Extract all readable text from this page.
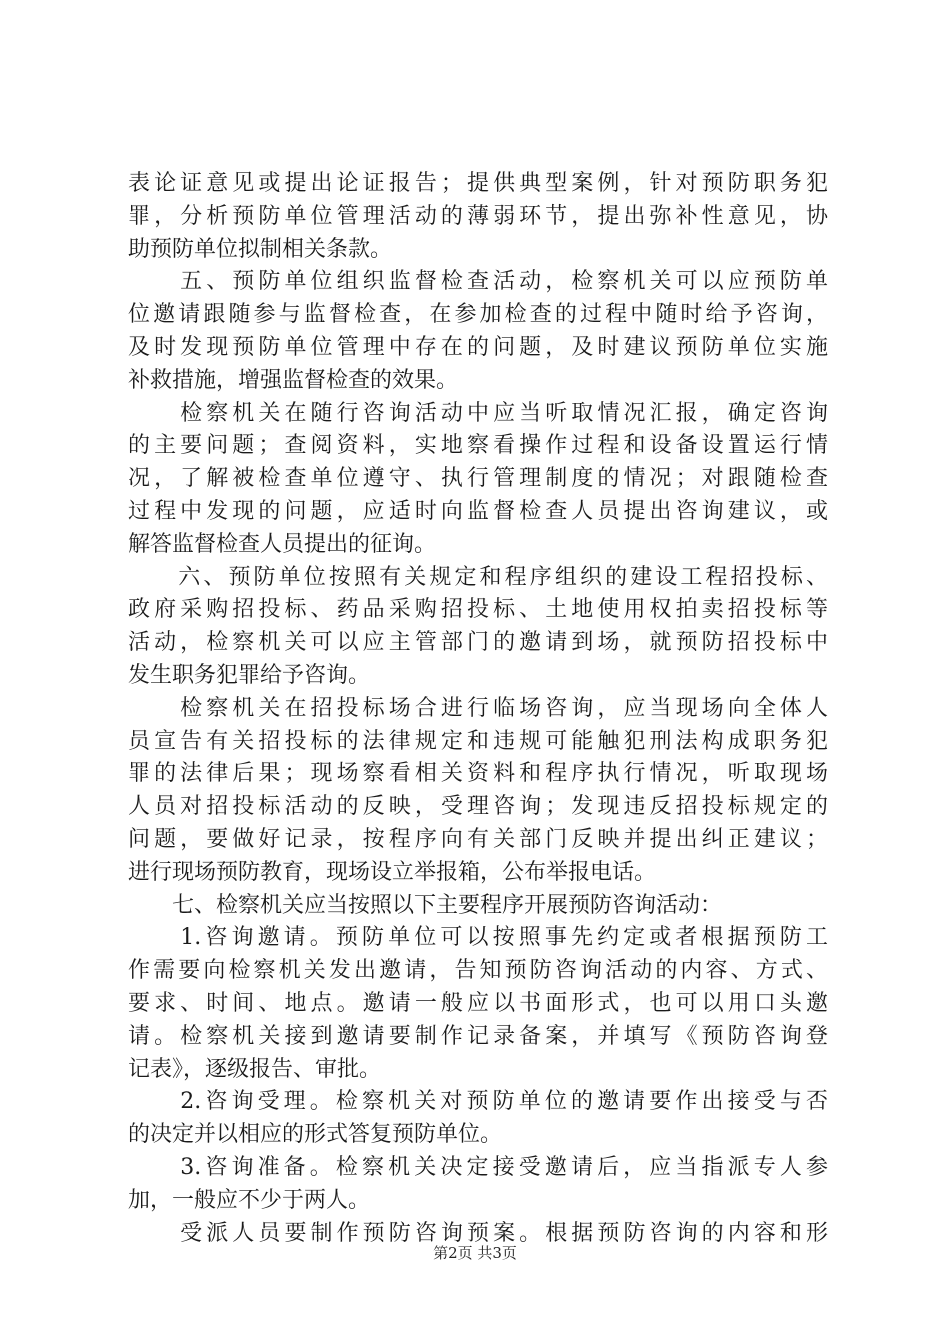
表论证意见或提出论证报告；提供典型案例，针对预防职务犯
罪，分析预防单位管理活动的薄弱环节，提出弥补性意见，协
助预防单位拟制相关条款。
　　五、预防单位组织监督检查活动，检察机关可以应预防单
位邀请跟随参与监督检查，在参加检查的过程中随时给予咨询，
及时发现预防单位管理中存在的问题，及时建议预防单位实施
补救措施，增强监督检查的效果。
　　检察机关在随行咨询活动中应当听取情况汇报，确定咨询
的主要问题；查阅资料，实地察看操作过程和设备设置运行情
况，了解被检查单位遵守、执行管理制度的情况；对跟随检查
过程中发现的问题，应适时向监督检查人员提出咨询建议，或
解答监督检查人员提出的征询。
　　六、预防单位按照有关规定和程序组织的建设工程招投标、
政府采购招投标、药品采购招投标、土地使用权拍卖招投标等
活动，检察机关可以应主管部门的邀请到场，就预防招投标中
发生职务犯罪给予咨询。
　　检察机关在招投标场合进行临场咨询，应当现场向全体人
员宣告有关招投标的法律规定和违规可能触犯刑法构成职务犯
罪的法律后果；现场察看相关资料和程序执行情况，听取现场
人员对招投标活动的反映，受理咨询；发现违反招投标规定的
问题，要做好记录，按程序向有关部门反映并提出纠正建议；
进行现场预防教育，现场设立举报箱，公布举报电话。
　　七、检察机关应当按照以下主要程序开展预防咨询活动：
　　1.咨询邀请。预防单位可以按照事先约定或者根据预防工
作需要向检察机关发出邀请，告知预防咨询活动的内容、方式、
要求、时间、地点。邀请一般应以书面形式，也可以用口头邀
请。检察机关接到邀请要制作记录备案，并填写《预防咨询登
记表》，逐级报告、审批。
　　2.咨询受理。检察机关对预防单位的邀请要作出接受与否
的决定并以相应的形式答复预防单位。
　　3.咨询准备。检察机关决定接受邀请后，应当指派专人参
加，一般应不少于两人。
　　受派人员要制作预防咨询预案。根据预防咨询的内容和形
第2页 共3页
